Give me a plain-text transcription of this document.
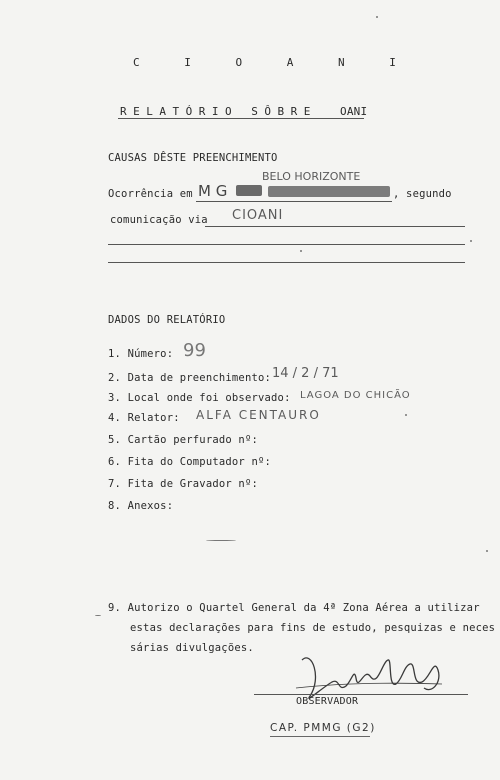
C I O A N I
RELATÓRIO SÔBRE OANI
CAUSAS DÊSTE PREENCHIMENTO
BELO HORIZONTE
Ocorrência em M G	, segundo
comunicação via CIOANI
DADOS DO RELATÓRIO
1. Número: 99
2. Data de preenchimento: 14 / 2 / 71
3. Local onde foi observado: LAGOA DO CHICÃO
4. Relator: ALFA CENTAURO
5. Cartão perfurado nº:
6. Fita do Computador nº:
7. Fita de Gravador nº:
8. Anexos:
9. Autorizo o Quartel General da 4ª Zona Aérea a utilizar
estas declarações para fins de estudo, pesquizas e neces
sárias divulgações.
OBSERVADOR
CAP. PMMG (G2)
